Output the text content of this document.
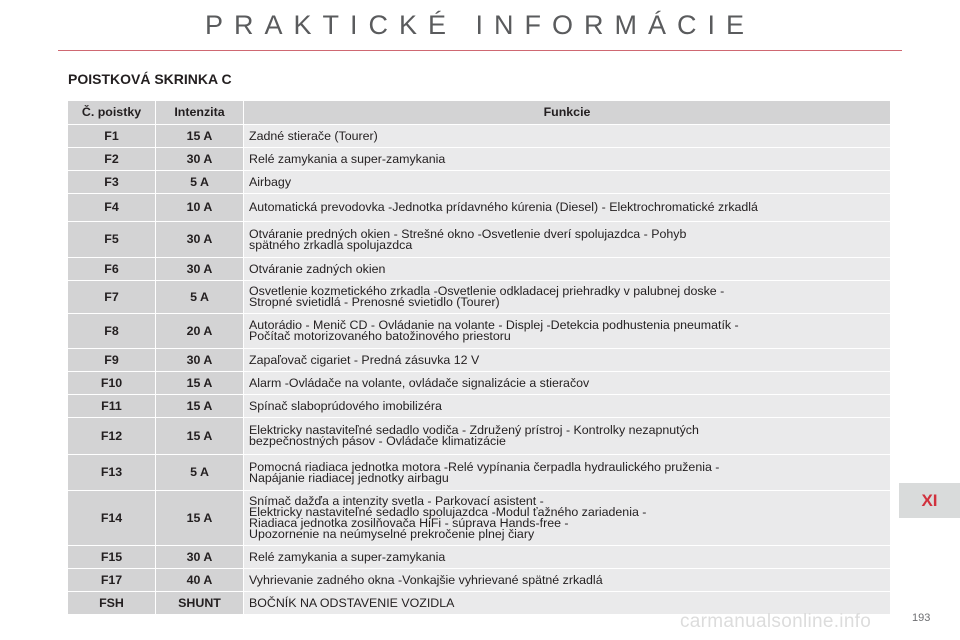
PRAKTICKÉ INFORMÁCIE
POISTKOVÁ SKRINKA C
Č. poistky	Intenzita	Funkcie
F1	15 A	Zadné stierače (Tourer)
F2	30 A	Relé zamykania a super-zamykania
F3	5 A	Airbagy
F4	10 A	Automatická prevodovka -Jednotka prídavného kúrenia (Diesel) - Elektrochromatické zrkadlá
F5	30 A	Otváranie predných okien - Strešné okno -Osvetlenie dverí spolujazdca - Pohyb
spätného zrkadla spolujazdca
F6	30 A	Otváranie zadných okien
F7	5 A	Osvetlenie kozmetického zrkadla -Osvetlenie odkladacej priehradky v palubnej doske -
Stropné svietidlá - Prenosné svietidlo (Tourer)
F8	20 A	Autorádio - Menič CD - Ovládanie na volante - Displej -Detekcia podhustenia pneumatík -
Počítač motorizovaného batožinového priestoru
F9	30 A	Zapaľovač cigariet - Predná zásuvka 12 V
F10	15 A	Alarm -Ovládače na volante, ovládače signalizácie a stieračov
F11	15 A	Spínač slaboprúdového imobilizéra
F12	15 A	Elektricky nastaviteľné sedadlo vodiča - Združený prístroj - Kontrolky nezapnutých
bezpečnostných pásov - Ovládače klimatizácie
F13	5 A	Pomocná riadiaca jednotka motora -Relé vypínania čerpadla hydraulického pruženia -
Napájanie riadiacej jednotky airbagu
F14	15 A	Snímač dažďa a intenzity svetla - Parkovací asistent -
Elektricky nastaviteľné sedadlo spolujazdca -Modul ťažného zariadenia -
Riadiaca jednotka zosilňovača HiFi - súprava Hands-free -
Upozornenie na neúmyselné prekročenie plnej čiary
F15	30 A	Relé zamykania a super-zamykania
F17	40 A	Vyhrievanie zadného okna -Vonkajšie vyhrievané spätné zrkadlá
FSH	SHUNT	BOČNÍK NA ODSTAVENIE VOZIDLA
XI
193
carmanualsonline.info
